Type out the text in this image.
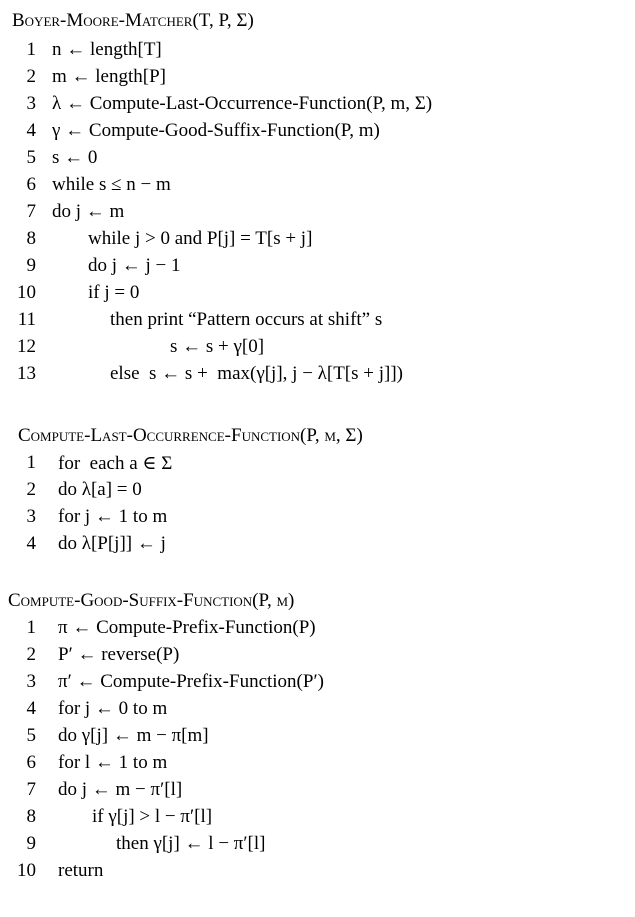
Boyer-Moore-Matcher(T, P, Σ)
1 n ← length[T]
2 m ← length[P]
3 λ ← Compute-Last-Occurrence-Function(P, m, Σ)
4 γ ← Compute-Good-Suffix-Function(P, m)
5 s ← 0
6 while s ≤ n − m
7 do j ← m
8	while j > 0 and P[j] = T[s + j]
9	do j ← j − 1
10	if j = 0
11	then print “Pattern occurs at shift” s
12	s ← s + γ[0]
13	else  s ← s +  max(γ[j], j − λ[T[s + j]])
Compute-Last-Occurrence-Function(P, m, Σ)
1 for  each a ∈ Σ
2 do λ[a] = 0
3 for j ← 1 to m
4 do λ[P[j]] ← j
Compute-Good-Suffix-Function(P, m)
1 π ← Compute-Prefix-Function(P)
2 P′ ← reverse(P)
3 π′ ← Compute-Prefix-Function(P′)
4 for j ← 0 to m
5 do γ[j] ← m − π[m]
6 for l ← 1 to m
7 do j ← m − π′[l]
8	if γ[j] > l − π′[l]
9	then γ[j] ← l − π′[l]
10 return
